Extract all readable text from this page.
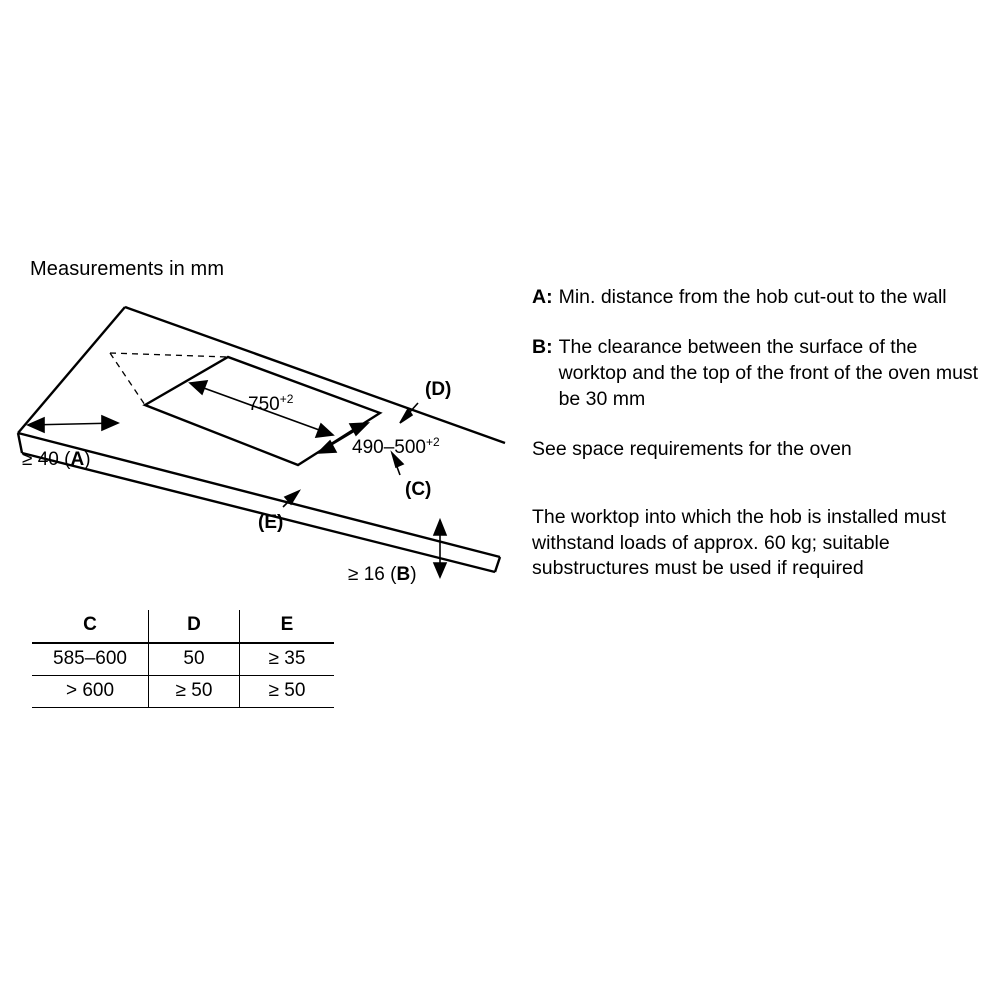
Measurements in mm
$750^{+2}$
$490-500^{+2}$
≥ 40 (A)
≥ 16 (B)
(D)
(C)
(E)
C	D	E
585–600	50	≥ 35
> 600	≥ 50	≥ 50
A: Min. distance from the hob cut-out to the wall
B: The clearance between the surface of the worktop and the top of the front of the oven must be 30 mm
See space requirements for the oven
The worktop into which the hob is installed must withstand loads of approx. 60 kg; suitable substructures must be used if required
